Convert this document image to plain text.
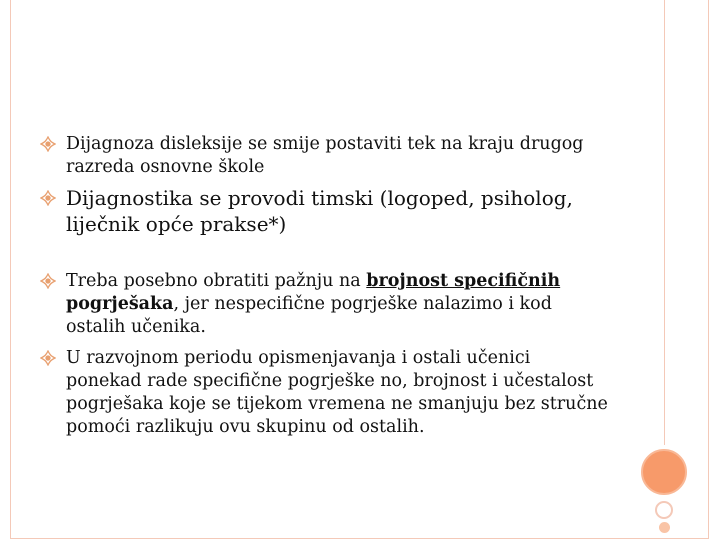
Dijagnoza disleksije se smije postaviti tek na kraju drugog razreda osnovne škole

Dijagnostika se provodi timski (logoped, psiholog, liječnik opće prakse*)

Treba posebno obratiti pažnju na brojnost specifičnih pogrješaka, jer nespecifične pogrješke nalazimo i kod ostalih učenika.

U razvojnom periodu opismenjavanja i ostali učenici ponekad rade specifične pogrješke no, brojnost i učestalost pogrješaka koje se tijekom vremena ne smanjuju bez stručne pomoći razlikuju ovu skupinu od ostalih.
